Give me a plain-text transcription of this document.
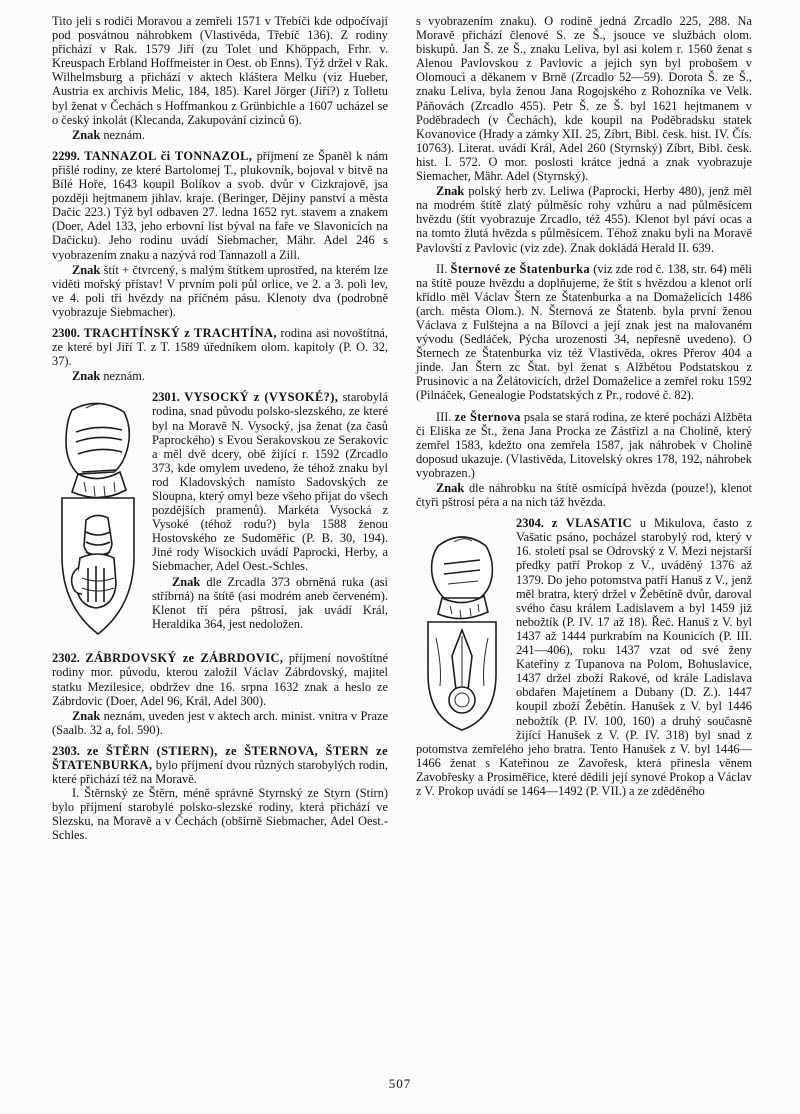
Tito jeli s rodiči Moravou a zemřeli 1571 v Třebíči kde odpočívají pod posvátnou náhrobkem (Vlastivěda, Třebíč 136). Z rodiny přichází v Rak. 1579 Jiří (zu Tolet und Khöppach, Frhr. v. Kreuspach Erbland Hoffmeister in Oest. ob Enns). Týž držel v Rak. Wilhelmsburg a přichází v aktech kláštera Melku (viz Hueber, Austria ex archivis Melic, 184, 185). Karel Jörger (Jiří?) z Tolletu byl ženat v Čechách s Hoffmankou z Grünbichle a 1607 ucházel se o český inkolát (Klecanda, Zakupování cizinců 6).

Znak neznám.

2299. TANNAZOL či TONNAZOL, příjmení ze Španěl k nám přišlé rodiny, ze které Bartolomej T., plukovník, bojoval v bitvě na Bílé Hoře, 1643 koupil Bolíkov a svob. dvůr v Cizkrajově, jsa později hejtmanem jihlav. kraje. (Beringer, Dějiny panství a města Dačic 223.) Týž byl odbaven 27. ledna 1652 ryt. stavem a znakem (Doer, Adel 133, jeho erbovní list býval na faře ve Slavonicích na Dačicku). Jeho rodinu uvádí Siebmacher, Mähr. Adel 246 s vyobrazením znaku a nazývá rod Tannazoll a Zill.

Znak štít + čtvrcený, s malým štítkem uprostřed, na kterém lze viděti mořský přístav! V prvním poli půl orlice, ve 2. a 3. poli lev, ve 4. poli tři hvězdy na příčném pásu. Klenoty dva (podrobně vyobrazuje Siebmacher).

2300. TRACHTÍNSKÝ z TRACHTÍNA, rodina asi novoštítná, ze které byl Jiří T. z T. 1589 úředníkem olom. kapitoly (P. O. 32, 37).

Znak neznám.

2301. VYSOCKÝ z (VYSOKÉ?), starobylá rodina, snad původu polsko-slezského, ze které byl na Moravě N. Vysocký, jsa ženat (za časů Paprockého) s Evou Serakovskou ze Serakovic a měl dvě dcery, obě žijící r. 1592 (Zrcadlo 373, kde omylem uvedeno, že téhož znaku byl rod Kladovských namísto Sadovských ze Sloupna, který omyl beze všeho přijat do všech pozdějších pramenů). Markéta Vysocká z Vysoké (téhož rodu?) byla 1588 ženou Hostovského ze Sudoměřic (P. B. 30, 194). Jiné rody Wisockich uvádí Paprocki, Herby, a Siebmacher, Adel Oest.-Schles.

Znak dle Zrcadla 373 obrněná ruka (asi stříbrná) na štítě (asi modrém aneb červeném). Klenot tří péra pštrosí, jak uvádí Král, Heraldika 364, jest nedoložen.

2302. ZÁBRDOVSKÝ ze ZÁBRDOVIC, příjmení novoštítné rodiny mor. původu, kterou založil Václav Zábrdovský, majitel statku Mezilesice, obdržev dne 16. srpna 1632 znak a heslo ze Zábrdovic (Doer, Adel 96, Král, Adel 300).

Znak neznám, uveden jest v aktech arch. minist. vnitra v Praze (Saalb. 32 a, fol. 590).

2303. ze ŠTĚRN (STIERN), ze ŠTERNOVA, ŠTERN ze ŠTATENBURKA, bylo příjmení dvou různých starobylých rodin, které přichází též na Moravě.

I. Štěrnský ze Štěrn, méně správně Styrnský ze Styrn (Stirn) bylo příjmení starobylé polsko-slezské rodiny, která přichází ve Slezsku, na Moravě a v Čechách (obšírně Siebmacher, Adel Oest.-Schles.

s vyobrazením znaku). O rodině jedná Zrcadlo 225, 288. Na Moravě přichází členové S. ze Š., jsouce ve službách olom. biskupů. Jan Š. ze Š., znaku Leliva, byl asi kolem r. 1560 ženat s Alenou Pavlovskou z Pavlovic a jejich syn byl probošem v Olomouci a děkanem v Brně (Zrcadlo 52—59). Dorota Š. ze Š., znaku Leliva, byla ženou Jana Rogojského z Rohozníka ve Velk. Páňovách (Zrcadlo 455). Petr Š. ze Š. byl 1621 hejtmanem v Poděbradech (v Čechách), kde koupil na Poděbradsku statek Kovanovice (Hrady a zámky XII. 25, Zíbrt, Bibl. česk. hist. IV. Čís. 10763). Literat. uvádí Král, Adel 260 (Styrnský) Zíbrt, Bibl. česk. hist. I. 572. O mor. poslosti krátce jedná a znak vyobrazuje Siemacher, Mähr. Adel (Styrnský).

Znak polský herb zv. Leliwa (Paprocki, Herby 480), jenž měl na modrém štítě zlatý půlměsíc rohy vzhůru a nad půlměsícem hvězdu (štít vyobrazuje Zrcadlo, též 455). Klenot byl páví ocas a na tomto žlutá hvězda s půlměsícem. Téhož znaku byli na Moravě Pavlovští z Pavlovic (viz zde). Znak dokládá Herald II. 639.

II. Šternové ze Štatenburka (viz zde rod č. 138, str. 64) měli na štítě pouze hvězdu a doplňujeme, že štít s hvězdou a klenot orlí křídlo měl Václav Štern ze Štatenburka a na Domaželicích 1486 (arch. města Olom.). N. Šternová ze Štatenb. byla první ženou Václava z Fulštejna a na Bílovci a její znak jest na malovaném vývodu (Sedláček, Pýcha urozenosti 34, nepřesně uvedeno). O Šternech ze Štatenburka viz též Vlastivěda, okres Přerov 404 a jinde. Jan Štern zc Štat. byl ženat s Alžbětou Podstatskou z Prusinovic a na Želátovicích, držel Domaželice a zemřel roku 1592 (Pilnáček, Genealogie Podstatských z Pr., rodové č. 82).

III. ze Šternova psala se stará rodina, ze které pocházi Alžběta či Eliška ze Št., žena Jana Procka ze Zástřizl a na Cholině, který zemřel 1583, kdežto ona zemřela 1587, jak náhrobek v Cholině doposud ukazuje. (Vlastivěda, Litovelský okres 178, 192, náhrobek vyobrazen.)

Znak dle náhrobku na štítě osmicípá hvězda (pouze!), klenot čtyři pštrosí péra a na nich táž hvězda.

2304. z VLASATIC u Mikulova, často z Vašatic psáno, pocházel starobylý rod, který v 16. století psal se Odrovský z V. Mezi nejstarší předky patří Prokop z V., uváděný 1376 až 1379. Do jeho potomstva patří Hanuš z V., jenž měl bratra, který držel v Žebětíně dvůr, daroval svého času králem Ladislavem a byl 1459 již nebožtík (P. IV. 17 až 18). Řeč. Hanuš z V. byl 1437 až 1444 purkrabím na Kounicích (P. III. 241—406), roku 1437 vzat od své ženy Kateřiny z Tupanova na Polom, Bohuslavice, 1437 držel zboží Rakové, od krále Ladislava obdařen Majetínem a Dubany (D. Z.). 1447 koupil zboží Žebětín. Hanušek z V. byl 1446 nebožtík (P. IV. 100, 160) a druhý současně žijící Hanušek z V. (P. IV. 318) byl snad z potomstva zemřelého jeho bratra. Tento Hanušek z V. byl 1446—1466 ženat s Kateřinou ze Zavořesk, která přinesla věnem Zavobřesky a Prosiměřice, které dědili její synové Prokop a Václav z V. Prokop uvádí se 1464—1492 (P. VII.) a ze zděděného

507
